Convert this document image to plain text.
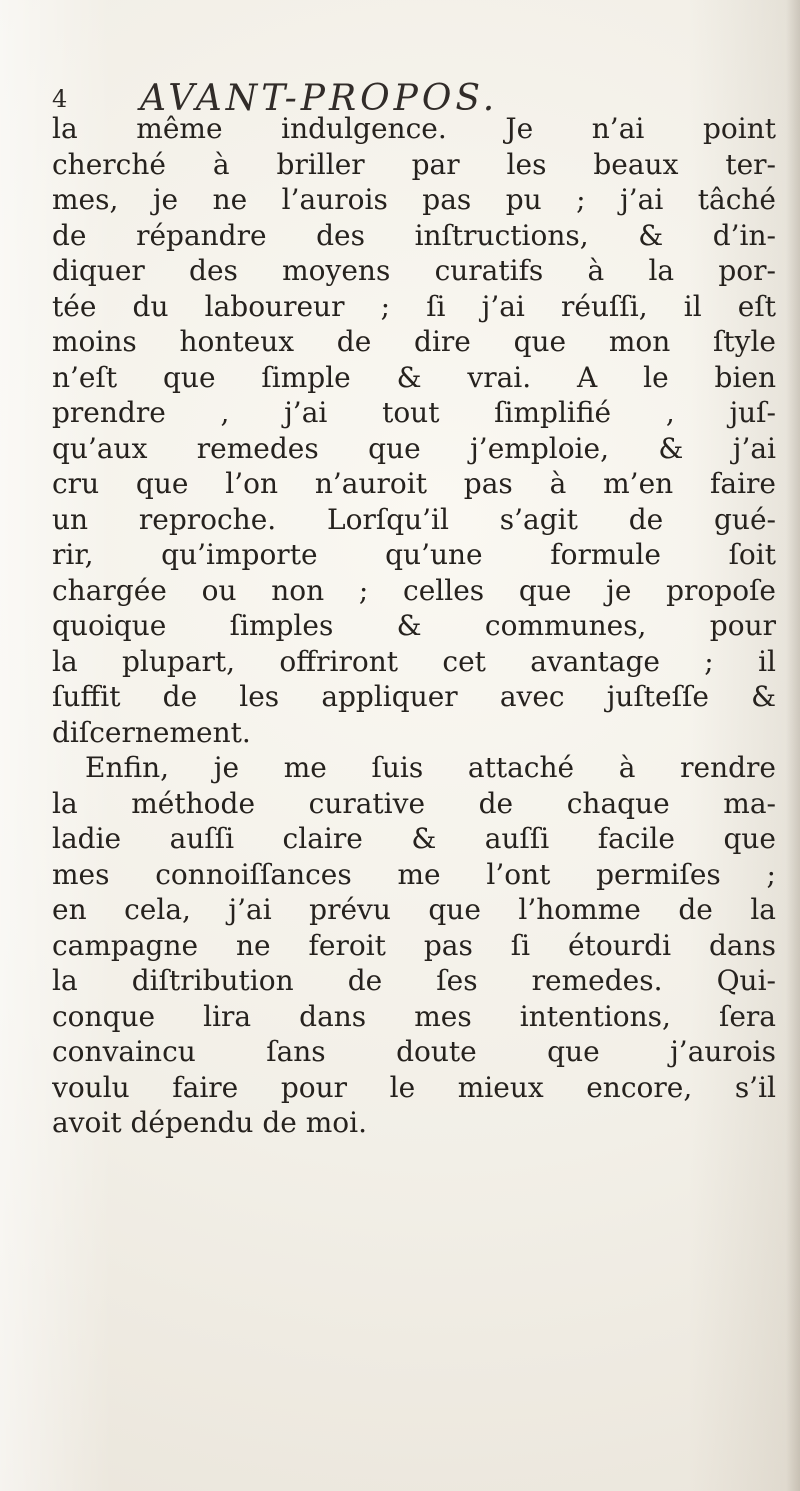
4 AVANT-PROPOS.
la même indulgence. Je n’ai point
cherché à briller par les beaux ter-
mes, je ne l’aurois pas pu ; j’ai tâché
de répandre des inſtructions, & d’in-
diquer des moyens curatifs à la por-
tée du laboureur ; ſi j’ai réuſſi, il eſt
moins honteux de dire que mon ſtyle
n’eſt que ſimple & vrai. A le bien
prendre , j’ai tout ſimplifié , juſ-
qu’aux remedes que j’emploie, & j’ai
cru que l’on n’auroit pas à m’en faire
un reproche. Lorſqu’il s’agit de gué-
rir, qu’importe qu’une formule ſoit
chargée ou non ; celles que je propoſe
quoique ſimples & communes, pour
la plupart, offriront cet avantage ; il
ſuffit de les appliquer avec juſteſſe &
diſcernement.
Enfin, je me ſuis attaché à rendre
la méthode curative de chaque ma-
ladie auſſi claire & auſſi facile que
mes connoiſſances me l’ont permiſes ;
en cela, j’ai prévu que l’homme de la
campagne ne feroit pas ſi étourdi dans
la diſtribution de ſes remedes. Qui-
conque lira dans mes intentions, ſera
convaincu ſans doute que j’aurois
voulu faire pour le mieux encore, s’il
avoit dépendu de moi.
